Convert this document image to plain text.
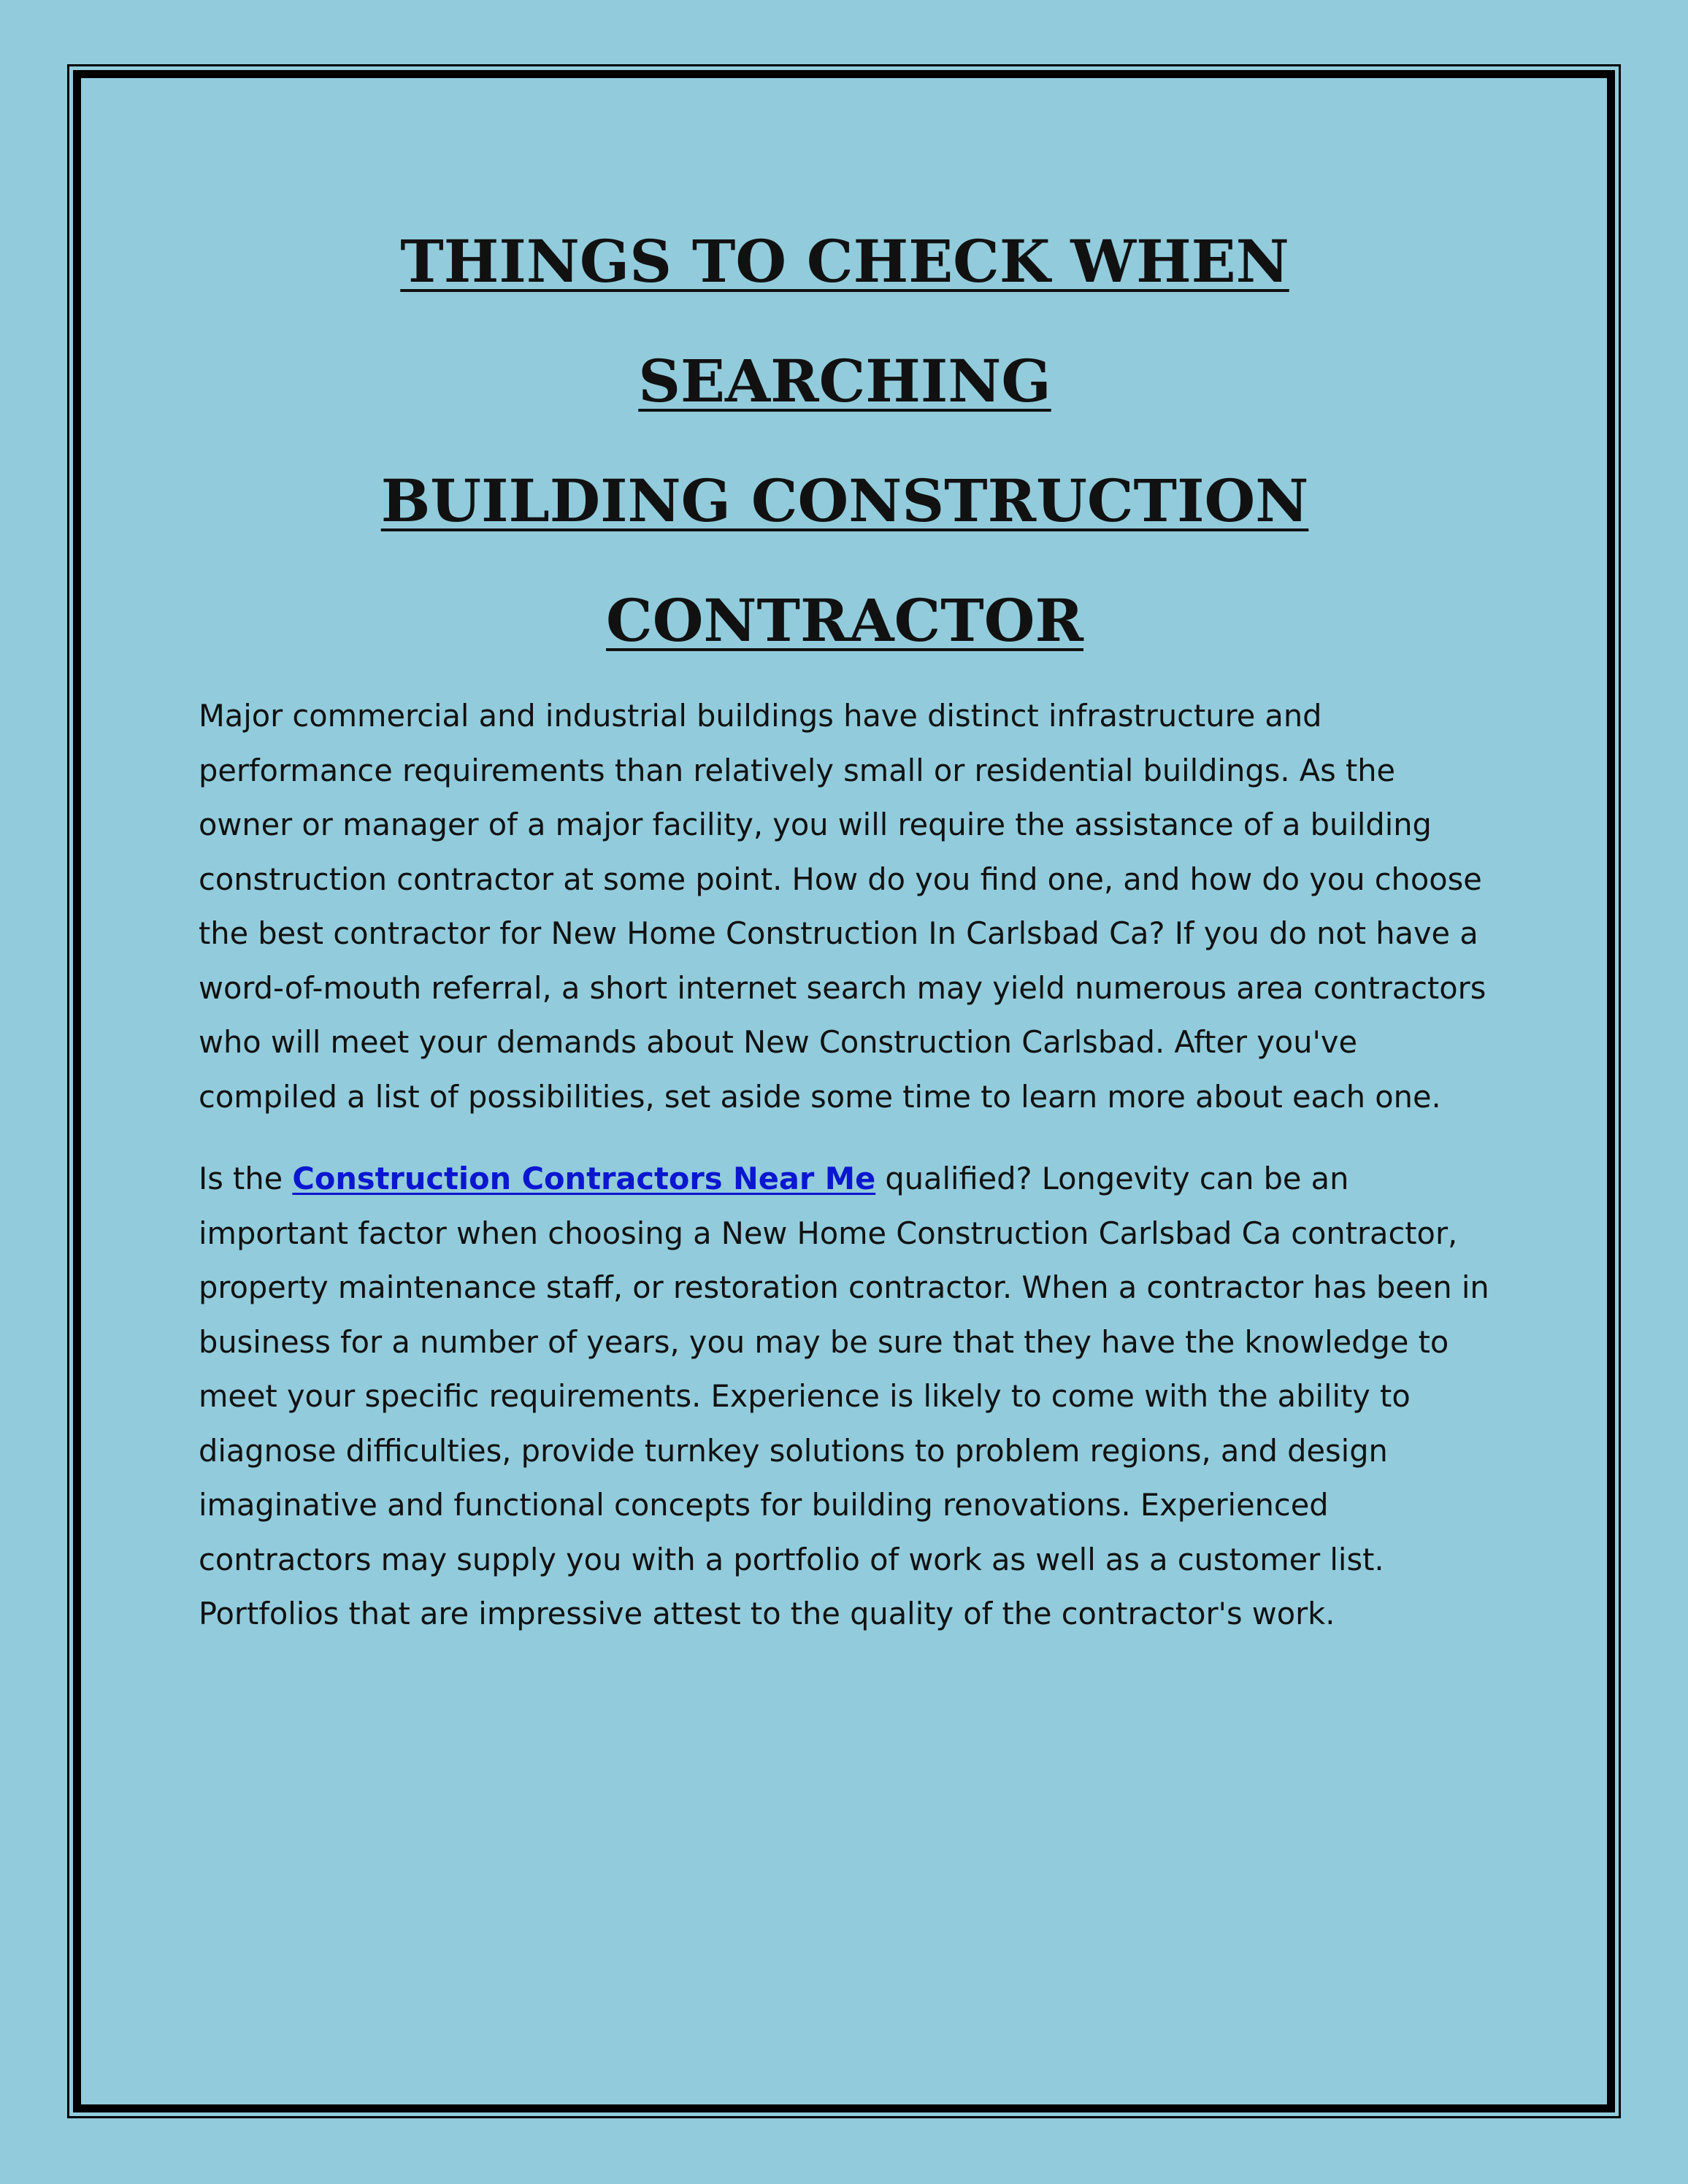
THINGS TO CHECK WHEN SEARCHING
BUILDING CONSTRUCTION
CONTRACTOR

Major commercial and industrial buildings have distinct infrastructure and performance requirements than relatively small or residential buildings. As the owner or manager of a major facility, you will require the assistance of a building construction contractor at some point. How do you find one, and how do you choose the best contractor for New Home Construction In Carlsbad Ca? If you do not have a word-of-mouth referral, a short internet search may yield numerous area contractors who will meet your demands about New Construction Carlsbad. After you've compiled a list of possibilities, set aside some time to learn more about each one.

Is the Construction Contractors Near Me qualified? Longevity can be an important factor when choosing a New Home Construction Carlsbad Ca contractor, property maintenance staff, or restoration contractor. When a contractor has been in business for a number of years, you may be sure that they have the knowledge to meet your specific requirements. Experience is likely to come with the ability to diagnose difficulties, provide turnkey solutions to problem regions, and design imaginative and functional concepts for building renovations. Experienced contractors may supply you with a portfolio of work as well as a customer list. Portfolios that are impressive attest to the quality of the contractor's work.
